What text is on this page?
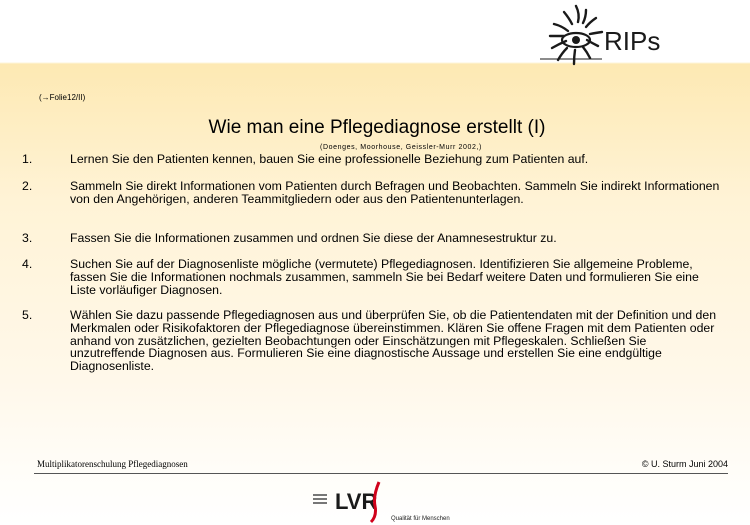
RIPs
(→Folie12/II)
Wie man eine Pflegediagnose erstellt (I)
(Doenges, Moorhouse, Geissler-Murr 2002,)
1.	Lernen Sie den Patienten kennen, bauen Sie eine professionelle Beziehung zum Patienten auf.
2.	Sammeln Sie direkt Informationen vom Patienten durch Befragen und Beobachten. Sammeln Sie indirekt Informationen von den Angehörigen, anderen Teammitgliedern oder aus den Patientenunterlagen.
3.	Fassen Sie die Informationen zusammen und ordnen Sie diese der Anamnesestruktur zu.
4.	Suchen Sie auf der Diagnosenliste mögliche (vermutete) Pflegediagnosen. Identifizieren Sie allgemeine Probleme, fassen Sie die Informationen nochmals zusammen, sammeln Sie bei Bedarf weitere Daten und formulieren Sie eine Liste vorläufiger Diagnosen.
5.	Wählen Sie dazu passende Pflegediagnosen aus und überprüfen Sie, ob die Patientendaten mit der Definition und den Merkmalen oder Risikofaktoren der Pflegediagnose übereinstimmen. Klären Sie offene Fragen mit dem Patienten oder anhand von zusätzlichen, gezielten Beobachtungen oder Einschätzungen mit Pflegeskalen. Schließen Sie unzutreffende Diagnosen aus. Formulieren Sie eine diagnostische Aussage und erstellen Sie eine endgültige Diagnosenliste.
Multiplikatorenschulung Pflegediagnosen	© U. Sturm Juni 2004
LVR
Qualität für Menschen
